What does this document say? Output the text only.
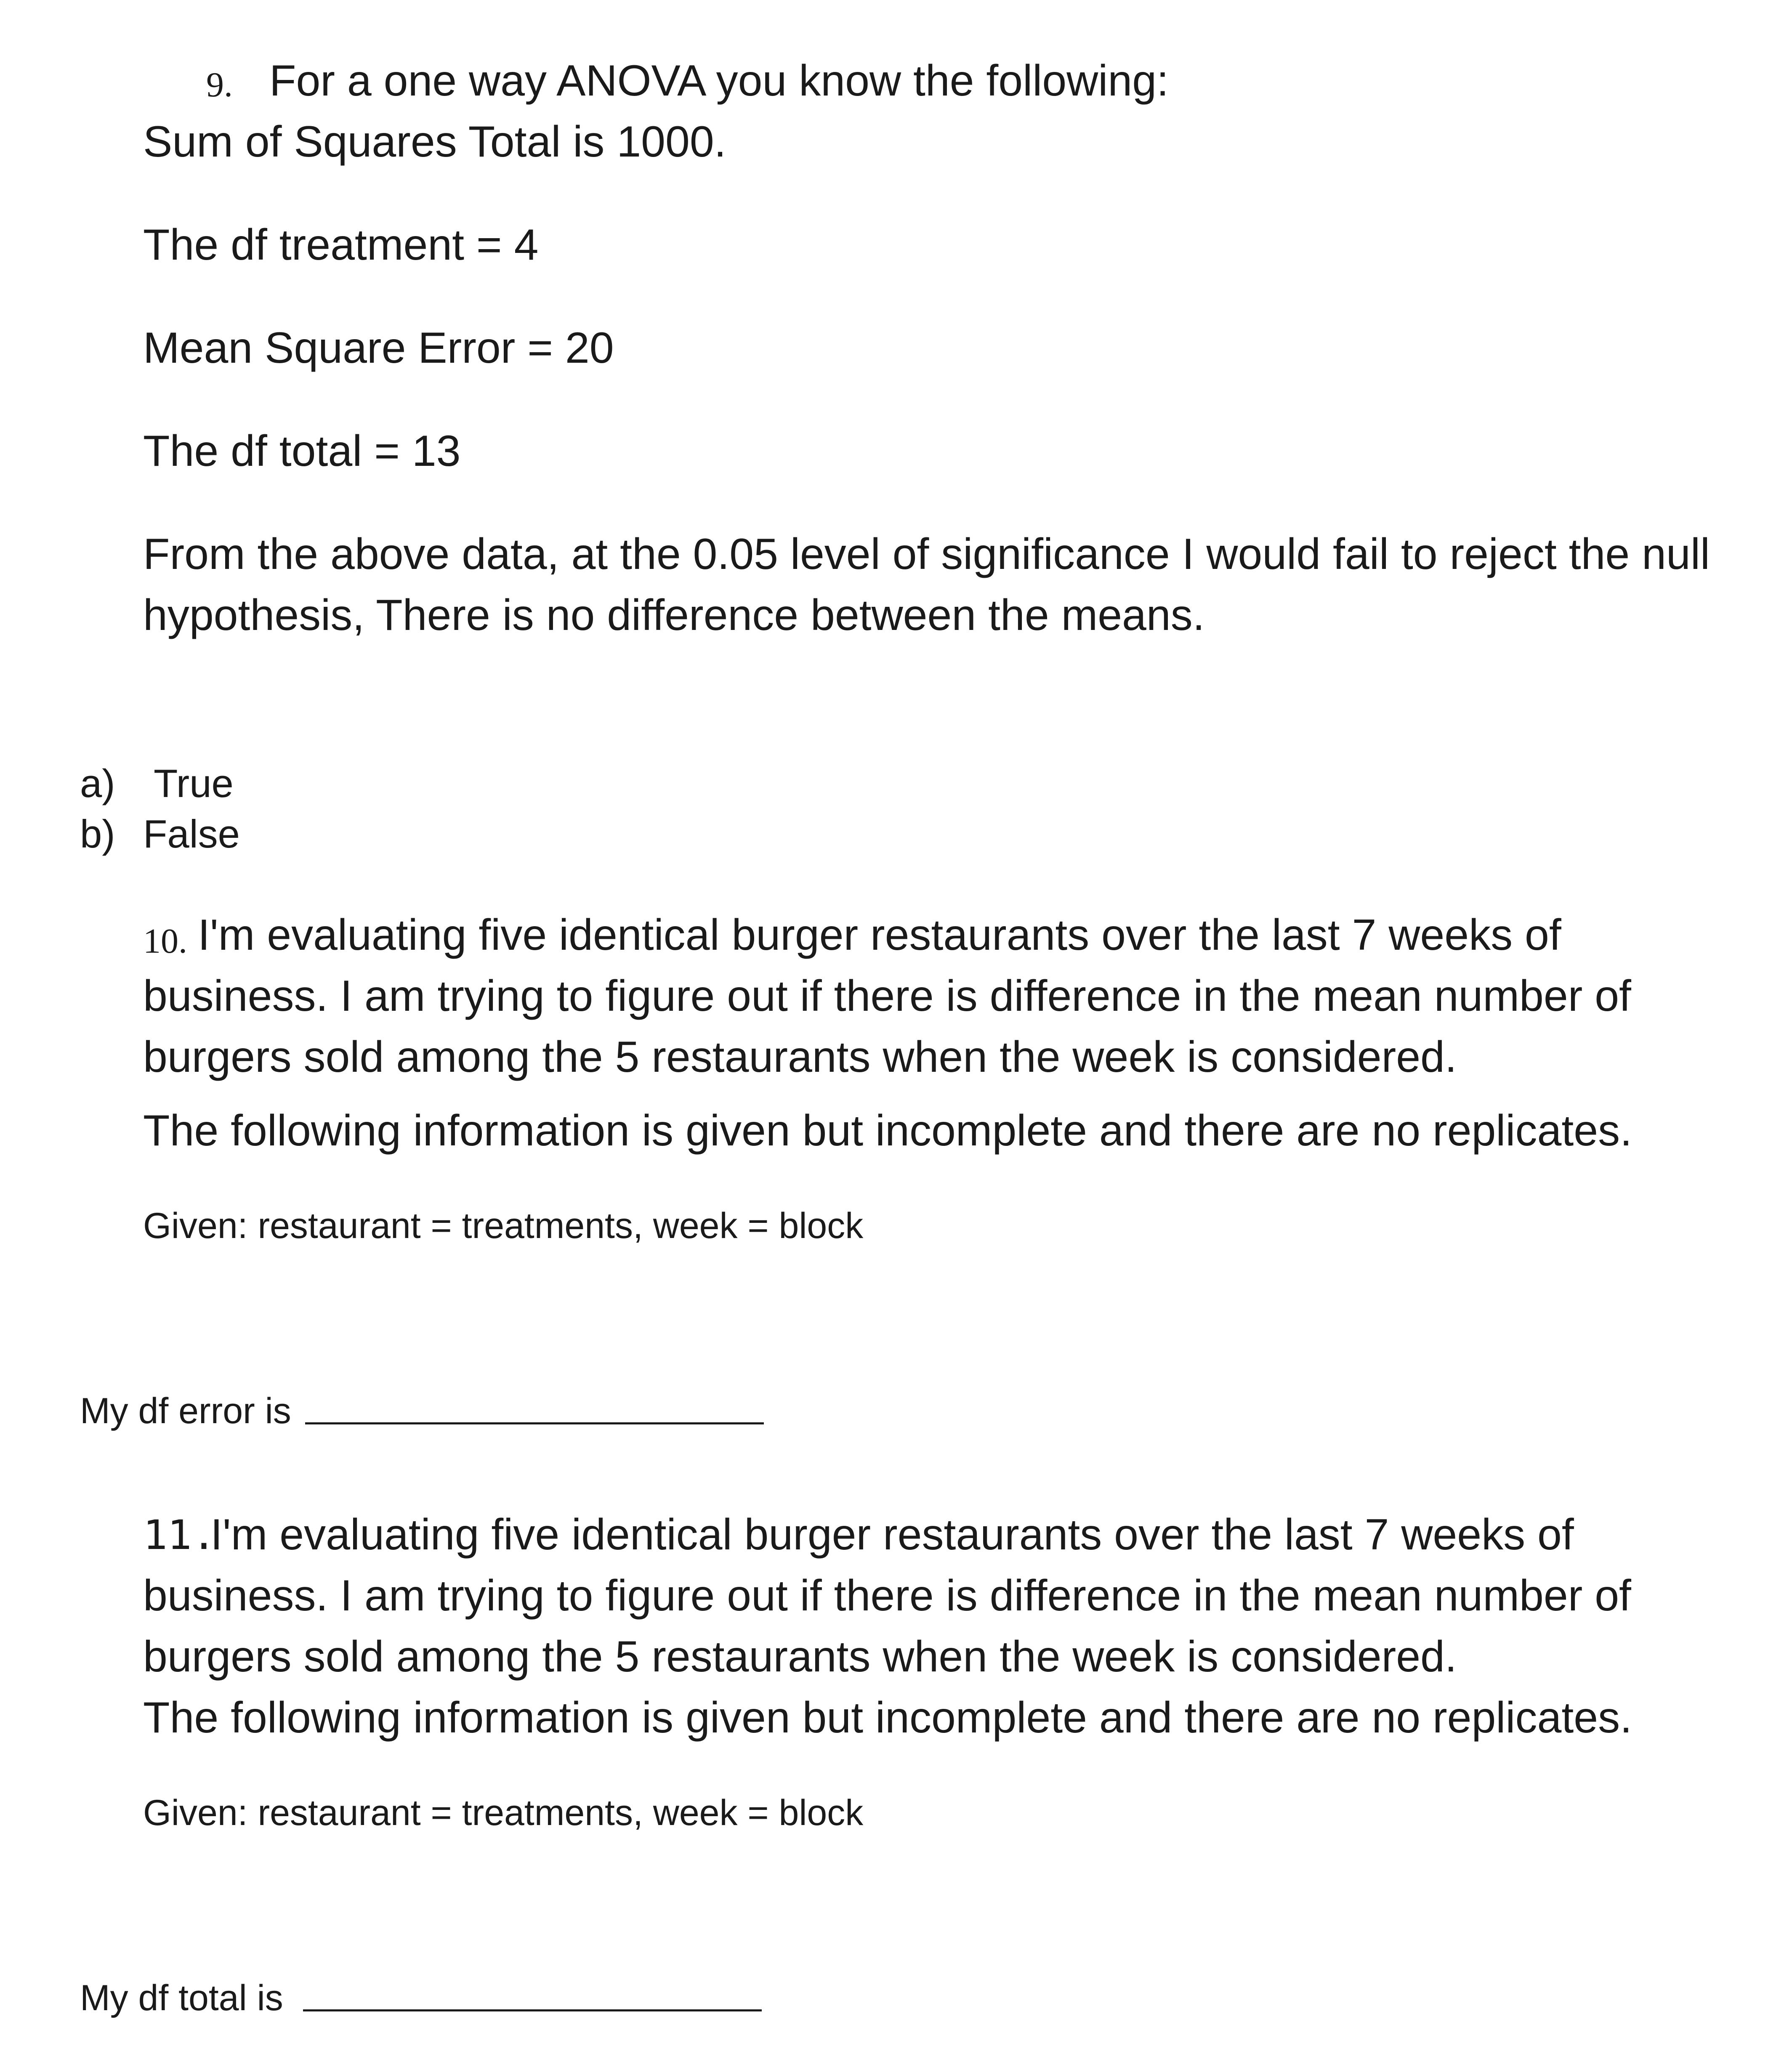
9. For a one way ANOVA you know the following:
Sum of Squares Total is 1000.
The df treatment = 4
Mean Square Error = 20
The df total = 13
From the above data, at the 0.05 level of significance I would fail to reject the null
hypothesis, There is no difference between the means.
a) True
b) False
10. I'm evaluating five identical burger restaurants over the last 7 weeks of
business. I am trying to figure out if there is difference in the mean number of
burgers sold among the 5 restaurants when the week is considered.
The following information is given but incomplete and there are no replicates.
Given: restaurant = treatments, week = block
My df error is
11.
I'm evaluating five identical burger restaurants over the last 7 weeks of
business. I am trying to figure out if there is difference in the mean number of
burgers sold among the 5 restaurants when the week is considered.
The following information is given but incomplete and there are no replicates.
Given: restaurant = treatments, week = block
My df total is
